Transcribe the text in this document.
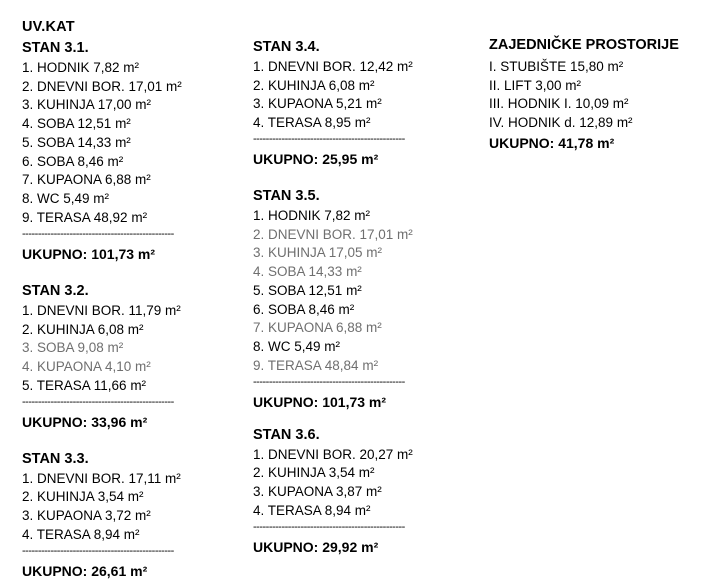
UV.KAT
STAN 3.1.
1. HODNIK 7,82 m²
2. DNEVNI BOR. 17,01 m²
3. KUHINJA 17,00 m²
4. SOBA 12,51 m²
5. SOBA 14,33 m²
6. SOBA 8,46 m²
7. KUPAONA 6,88 m²
8. WC 5,49 m²
9. TERASA 48,92 m²
------------------------------------------------
UKUPNO: 101,73 m²
STAN 3.2.
1. DNEVNI BOR. 11,79 m²
2. KUHINJA 6,08 m²
3. SOBA 9,08 m²
4. KUPAONA 4,10 m²
5. TERASA 11,66 m²
------------------------------------------------
UKUPNO: 33,96 m²
STAN 3.3.
1. DNEVNI BOR. 17,11 m²
2. KUHINJA 3,54 m²
3. KUPAONA 3,72 m²
4. TERASA 8,94 m²
------------------------------------------------
UKUPNO: 26,61 m²
STAN 3.4.
1. DNEVNI BOR. 12,42 m²
2. KUHINJA 6,08 m²
3. KUPAONA 5,21 m²
4. TERASA 8,95 m²
------------------------------------------------
UKUPNO: 25,95 m²
STAN 3.5.
1. HODNIK 7,82 m²
2. DNEVNI BOR. 17,01 m²
3. KUHINJA 17,05 m²
4. SOBA 14,33 m²
5. SOBA 12,51 m²
6. SOBA 8,46 m²
7. KUPAONA 6,88 m²
8. WC 5,49 m²
9. TERASA 48,84 m²
------------------------------------------------
UKUPNO: 101,73 m²
STAN 3.6.
1. DNEVNI BOR. 20,27 m²
2. KUHINJA 3,54 m²
3. KUPAONA 3,87 m²
4. TERASA 8,94 m²
------------------------------------------------
UKUPNO: 29,92 m²
ZAJEDNIČKE PROSTORIJE
I. STUBIŠTE 15,80 m²
II. LIFT 3,00 m²
III. HODNIK I. 10,09 m²
IV. HODNIK d. 12,89 m²
UKUPNO: 41,78 m²
